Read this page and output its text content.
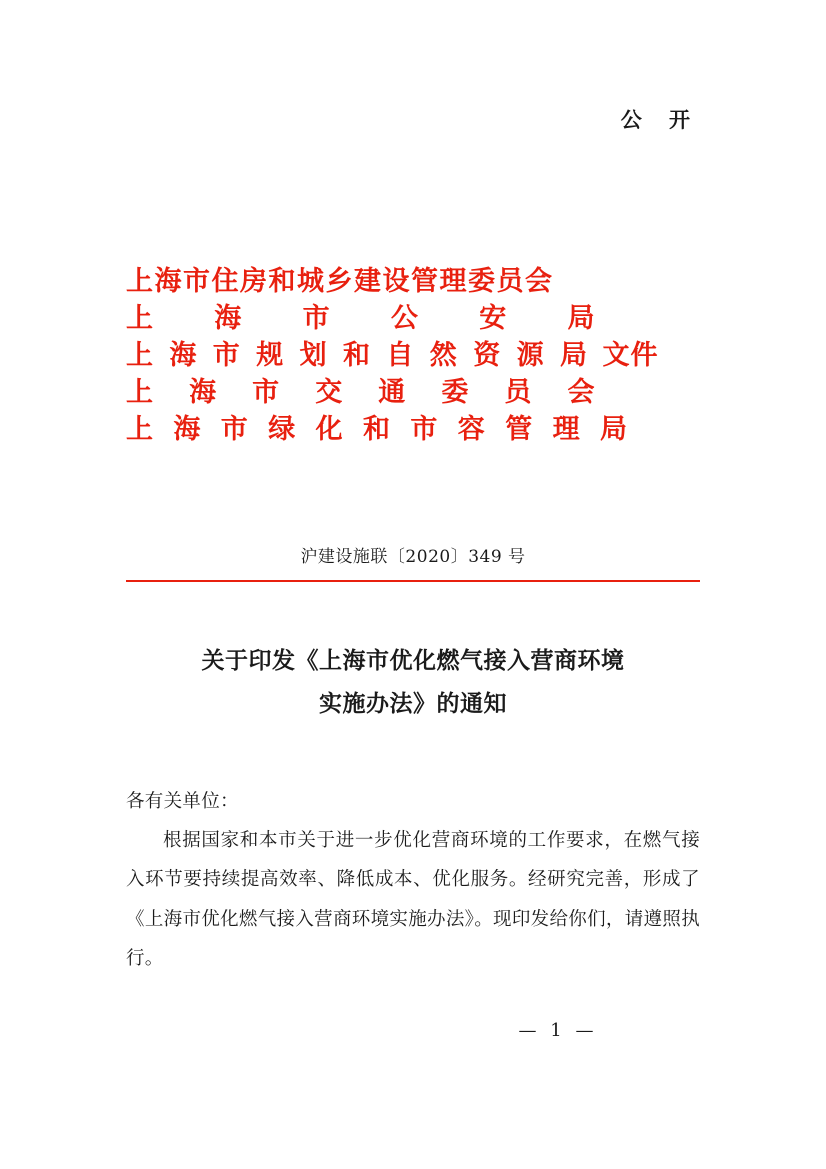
公 开
上海市住房和城乡建设管理委员会
上 海 市 公 安 局
上 海 市 规 划 和 自 然 资 源 局 文件
上 海 市 交 通 委 员 会
上 海 市 绿 化 和 市 容 管 理 局
沪建设施联〔2020〕349 号
关于印发《上海市优化燃气接入营商环境
实施办法》的通知

各有关单位：

根据国家和本市关于进一步优化营商环境的工作要求，在燃气接入环节要持续提高效率、降低成本、优化服务。经研究完善，形成了《上海市优化燃气接入营商环境实施办法》。现印发给你们，请遵照执行。

— 1 —
